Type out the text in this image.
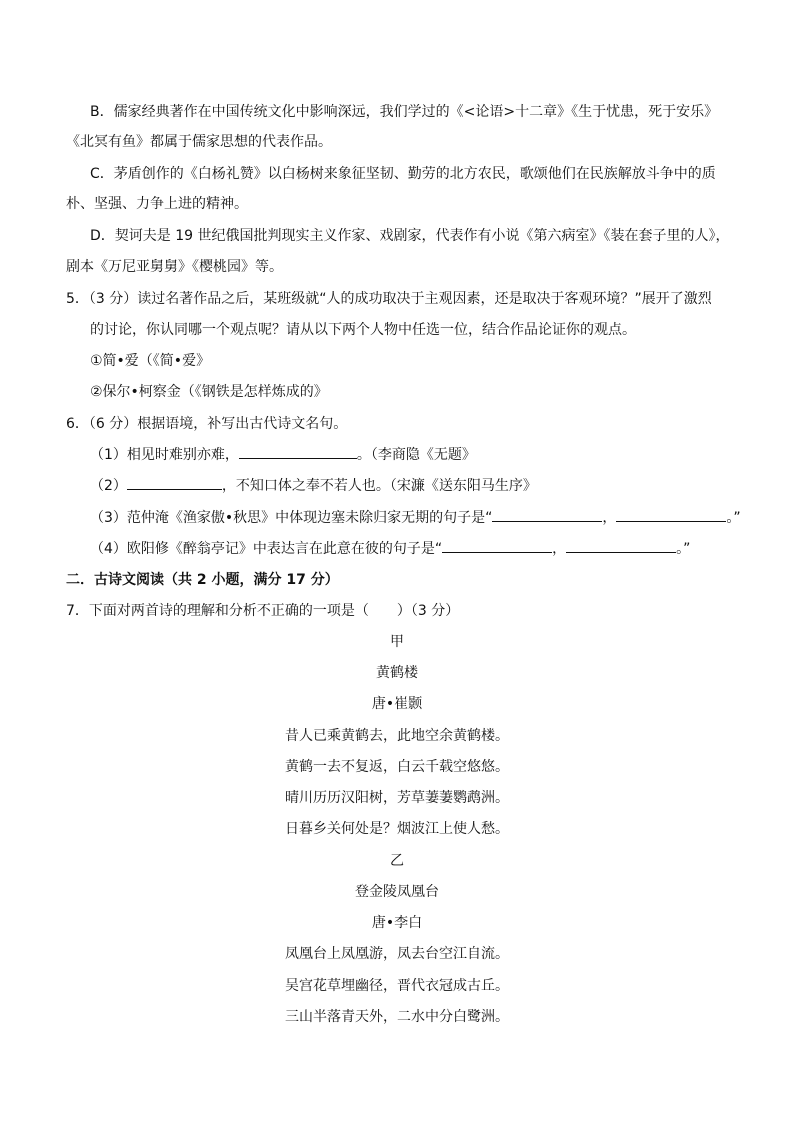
B．儒家经典著作在中国传统文化中影响深远，我们学过的《<论语>十二章》《生于忧患，死于安乐》
《北冥有鱼》都属于儒家思想的代表作品。
C．茅盾创作的《白杨礼赞》以白杨树来象征坚韧、勤劳的北方农民，歌颂他们在民族解放斗争中的质
朴、坚强、力争上进的精神。
D．契诃夫是 19 世纪俄国批判现实主义作家、戏剧家，代表作有小说《第六病室》《装在套子里的人》，
剧本《万尼亚舅舅》《樱桃园》等。
5．（3 分）读过名著作品之后，某班级就“人的成功取决于主观因素，还是取决于客观环境？”展开了激烈
的讨论，你认同哪一个观点呢？请从以下两个人物中任选一位，结合作品论证你的观点。
①简•爱（《简•爱》
②保尔•柯察金（《钢铁是怎样炼成的》
6．（6 分）根据语境，补写出古代诗文名句。
（1）相见时难别亦难，	。（李商隐《无题》
（2）	，不知口体之奉不若人也。（宋濂《送东阳马生序》
（3）范仲淹《渔家傲•秋思》中体现边塞未除归家无期的句子是“	，	。”
（4）欧阳修《醉翁亭记》中表达言在此意在彼的句子是“	，	。”
二．古诗文阅读（共 2 小题，满分 17 分）
7．下面对两首诗的理解和分析不正确的一项是（　　）（3 分）
甲
黄鹤楼
唐•崔颢
昔人已乘黄鹤去，此地空余黄鹤楼。
黄鹤一去不复返，白云千载空悠悠。
晴川历历汉阳树，芳草萋萋鹦鹉洲。
日暮乡关何处是？烟波江上使人愁。
乙
登金陵凤凰台
唐•李白
凤凰台上凤凰游，凤去台空江自流。
吴宫花草埋幽径，晋代衣冠成古丘。
三山半落青天外，二水中分白鹭洲。
